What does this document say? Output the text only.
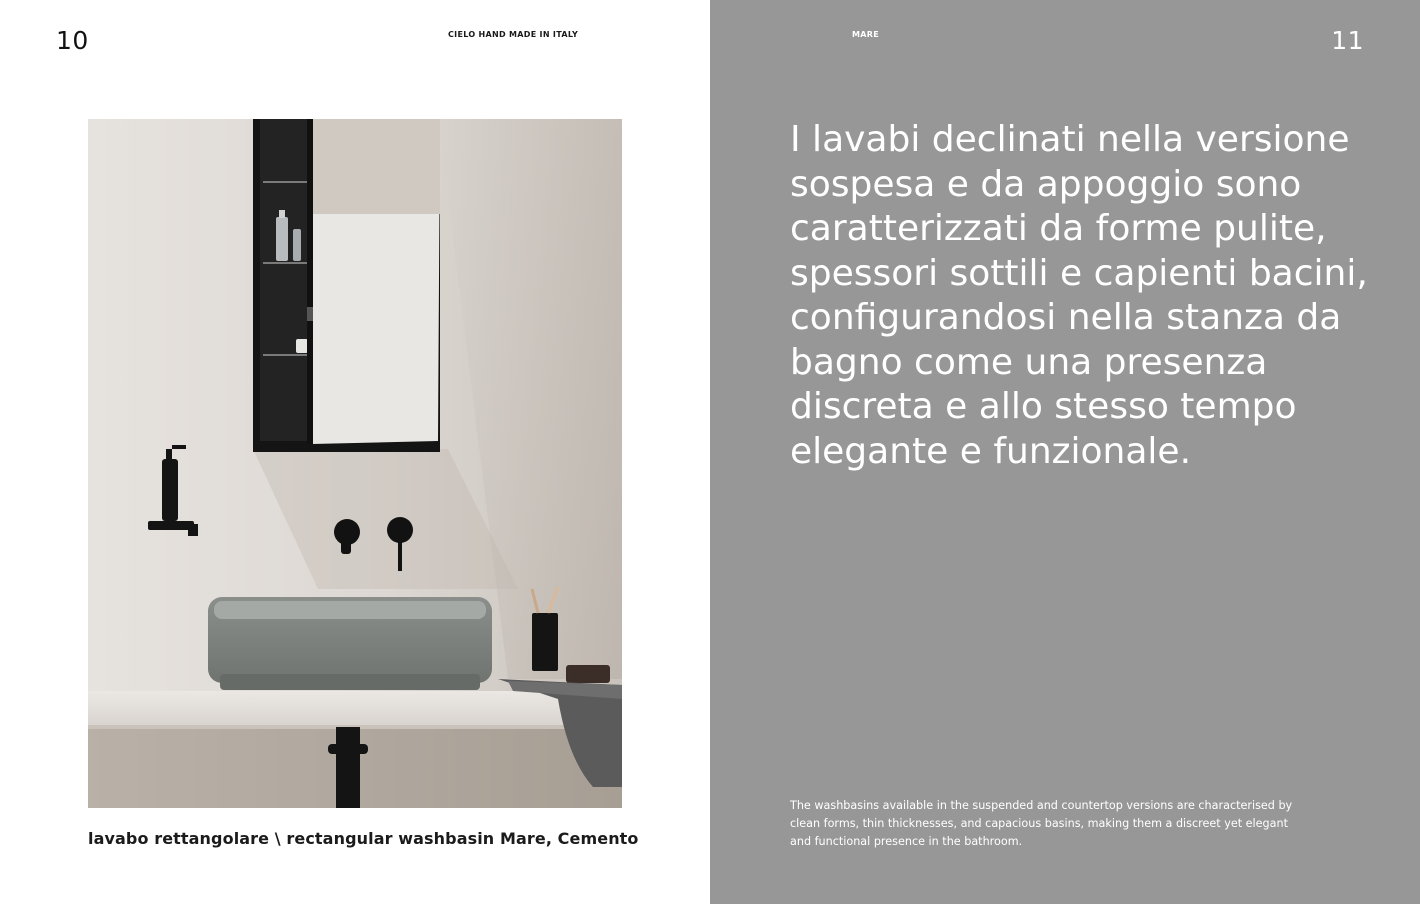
10	CIELO HAND MADE IN ITALY
lavabo rettangolare \ rectangular washbasin Mare, Cemento
MARE	11

I lavabi declinati nella versione sospesa e da appoggio sono caratterizzati da forme pulite, spessori sottili e capienti bacini, configurandosi nella stanza da bagno come una presenza discreta e allo stesso tempo elegante e funzionale.

The washbasins available in the suspended and countertop versions are characterised by clean forms, thin thicknesses, and capacious basins, making them a discreet yet elegant and functional presence in the bathroom.
